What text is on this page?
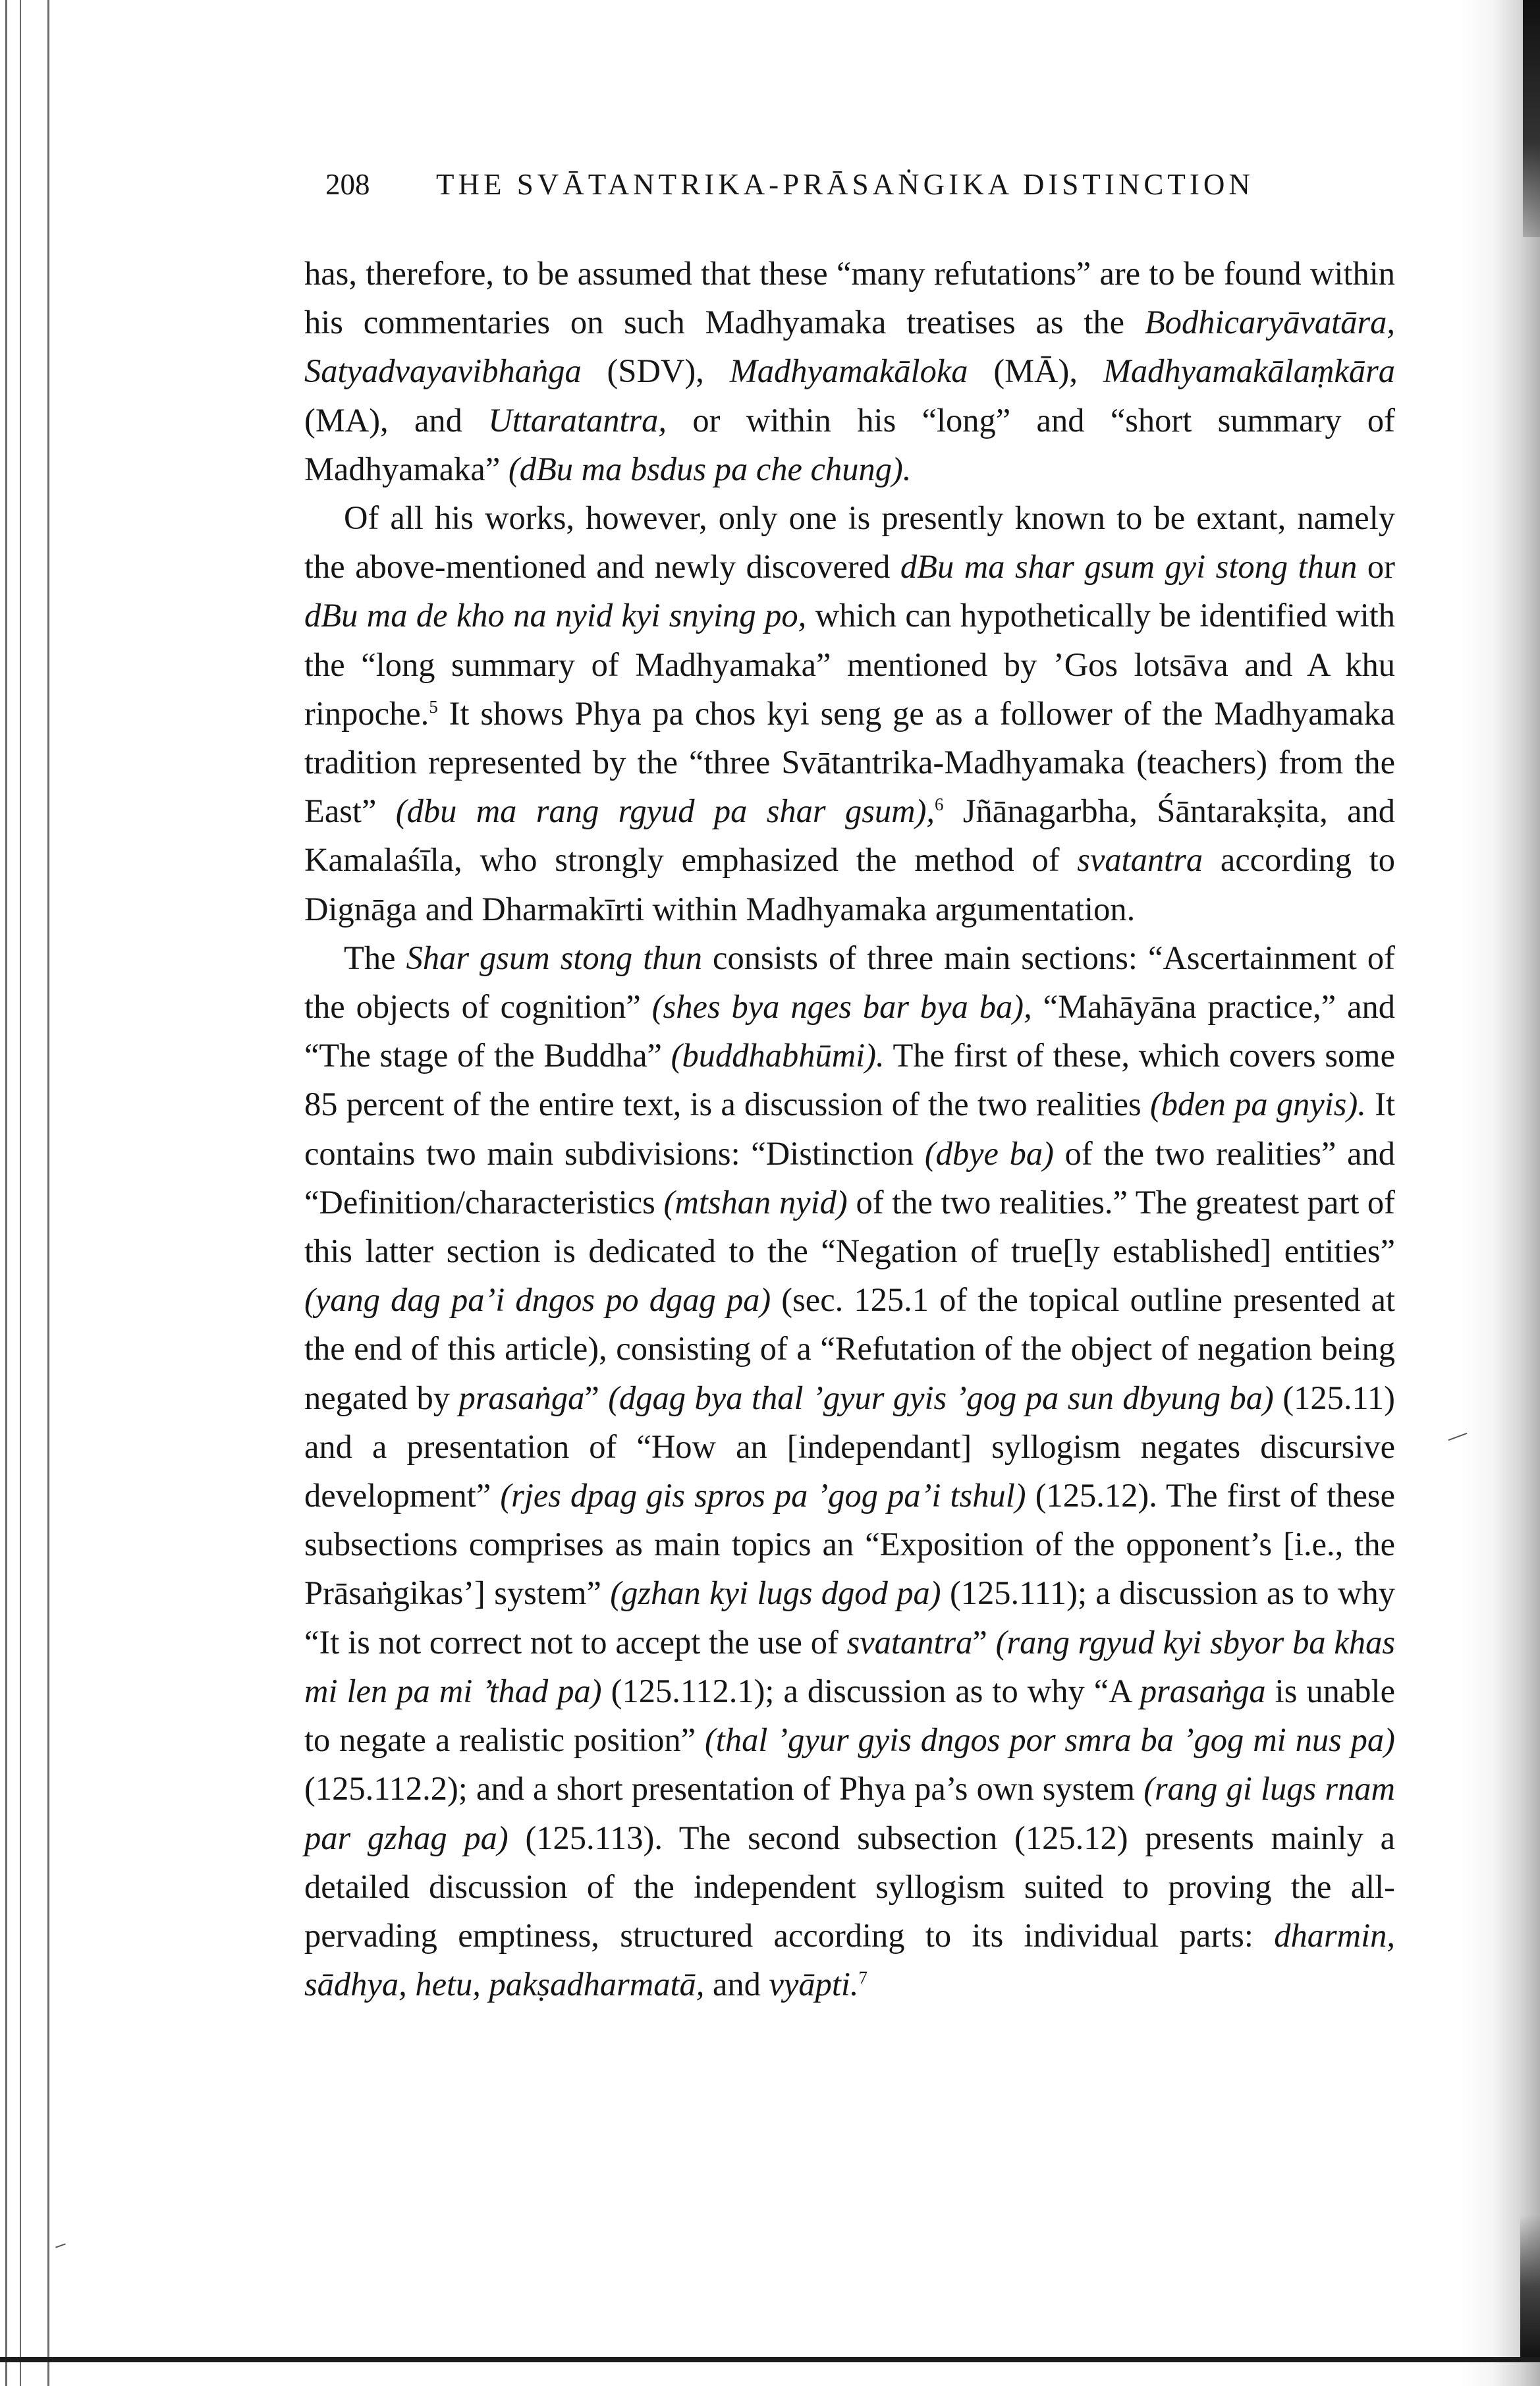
208 THE SVĀTANTRIKA-PRĀSAṄGIKA DISTINCTION

has, therefore, to be assumed that these “many refutations” are to be found within his commentaries on such Madhyamaka treatises as the Bodhicaryāvatāra, Satyadvayavibhaṅga (SDV), Madhyamakāloka (MĀ), Madhyamakālaṃkāra (MA), and Uttaratantra, or within his “long” and “short summary of Madhyamaka” (dBu ma bsdus pa che chung).

Of all his works, however, only one is presently known to be extant, namely the above-mentioned and newly discovered dBu ma shar gsum gyi stong thun or dBu ma de kho na nyid kyi snying po, which can hypothetically be identified with the “long summary of Madhyamaka” mentioned by ’Gos lotsāva and A khu rinpoche.$^5$ It shows Phya pa chos kyi seng ge as a follower of the Madhyamaka tradition represented by the “three Svātantrika-Madhyamaka (teachers) from the East” (dbu ma rang rgyud pa shar gsum),$^6$ Jñānagarbha, Śāntarakṣita, and Kamalaśīla, who strongly emphasized the method of svatantra according to Dignāga and Dharmakīrti within Madhyamaka argumentation.

The Shar gsum stong thun consists of three main sections: “Ascertainment of the objects of cognition” (shes bya nges bar bya ba), “Mahāyāna practice,” and “The stage of the Buddha” (buddhabhūmi). The first of these, which covers some 85 percent of the entire text, is a discussion of the two realities (bden pa gnyis). It contains two main subdivisions: “Distinction (dbye ba) of the two realities” and “Definition/characteristics (mtshan nyid) of the two realities.” The greatest part of this latter section is dedicated to the “Negation of true[ly established] entities” (yang dag pa’i dngos po dgag pa) (sec. 125.1 of the topical outline presented at the end of this article), consisting of a “Refutation of the object of negation being negated by prasaṅga” (dgag bya thal ’gyur gyis ’gog pa sun dbyung ba) (125.11) and a presentation of “How an [independant] syllogism negates discursive development” (rjes dpag gis spros pa ’gog pa’i tshul) (125.12). The first of these subsections comprises as main topics an “Exposition of the opponent’s [i.e., the Prāsaṅgikas’] system” (gzhan kyi lugs dgod pa) (125.111); a discussion as to why “It is not correct not to accept the use of svatantra” (rang rgyud kyi sbyor ba khas mi len pa mi ’thad pa) (125.112.1); a discussion as to why “A prasaṅga is unable to negate a realistic position” (thal ’gyur gyis dngos por smra ba ’gog mi nus pa) (125.112.2); and a short presentation of Phya pa’s own system (rang gi lugs rnam par gzhag pa) (125.113). The second subsection (125.12) presents mainly a detailed discussion of the independent syllogism suited to proving the all-pervading emptiness, structured according to its individual parts: dharmin, sādhya, hetu, pakṣadharmatā, and vyāpti.$^7$
